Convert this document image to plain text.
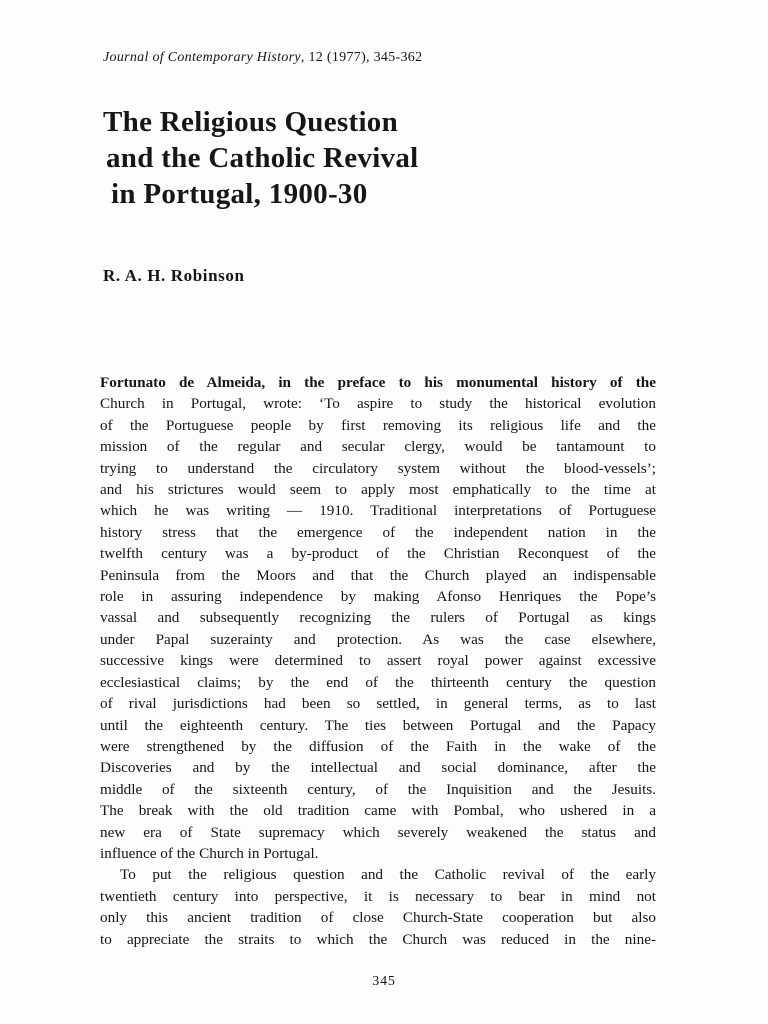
Journal of Contemporary History, 12 (1977), 345-362
The Religious Question
and the Catholic Revival
in Portugal, 1900-30
R. A. H. Robinson
Fortunato de Almeida, in the preface to his monumental history of the
Church in Portugal, wrote: ‘To aspire to study the historical evolution
of the Portuguese people by first removing its religious life and the
mission of the regular and secular clergy, would be tantamount to
trying to understand the circulatory system without the blood-vessels’;
and his strictures would seem to apply most emphatically to the time at
which he was writing — 1910. Traditional interpretations of Portuguese
history stress that the emergence of the independent nation in the
twelfth century was a by-product of the Christian Reconquest of the
Peninsula from the Moors and that the Church played an indispensable
role in assuring independence by making Afonso Henriques the Pope’s
vassal and subsequently recognizing the rulers of Portugal as kings
under Papal suzerainty and protection. As was the case elsewhere,
successive kings were determined to assert royal power against excessive
ecclesiastical claims; by the end of the thirteenth century the question
of rival jurisdictions had been so settled, in general terms, as to last
until the eighteenth century. The ties between Portugal and the Papacy
were strengthened by the diffusion of the Faith in the wake of the
Discoveries and by the intellectual and social dominance, after the
middle of the sixteenth century, of the Inquisition and the Jesuits.
The break with the old tradition came with Pombal, who ushered in a
new era of State supremacy which severely weakened the status and
influence of the Church in Portugal.
To put the religious question and the Catholic revival of the early
twentieth century into perspective, it is necessary to bear in mind not
only this ancient tradition of close Church-State cooperation but also
to appreciate the straits to which the Church was reduced in the nine-
345
